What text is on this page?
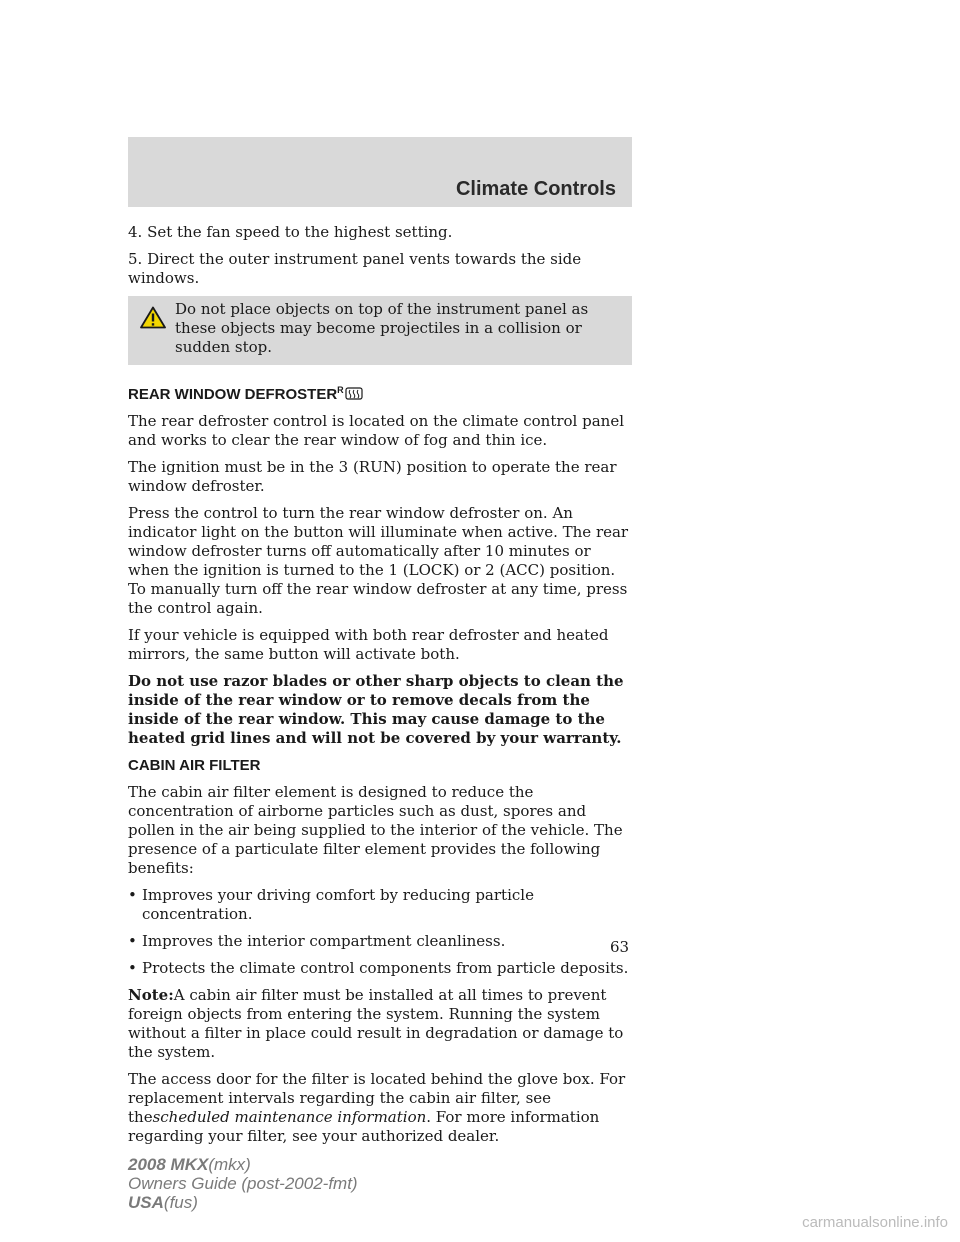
Climate Controls

4. Set the fan speed to the highest setting.

5. Direct the outer instrument panel vents towards the side windows.

Do not place objects on top of the instrument panel as these objects may become projectiles in a collision or sudden stop.
REAR WINDOW $DEFROSTER^R$

The rear defroster control is located on the climate control panel and works to clear the rear window of fog and thin ice.

The ignition must be in the 3 (RUN) position to operate the rear window defroster.

Press the control to turn the rear window defroster on. An indicator light on the button will illuminate when active. The rear window defroster turns off automatically after 10 minutes or when the ignition is turned to the 1 (LOCK) or 2 (ACC) position. To manually turn off the rear window defroster at any time, press the control again.

If your vehicle is equipped with both rear defroster and heated mirrors, the same button will activate both.

Do not use razor blades or other sharp objects to clean the inside of the rear window or to remove decals from the inside of the rear window. This may cause damage to the heated grid lines and will not be covered by your warranty.

CABIN AIR FILTER

The cabin air filter element is designed to reduce the concentration of airborne particles such as dust, spores and pollen in the air being supplied to the interior of the vehicle. The presence of a particulate filter element provides the following benefits:

• Improves your driving comfort by reducing particle concentration.

• Improves the interior compartment cleanliness.

• Protects the climate control components from particle deposits.

Note:A cabin air filter must be installed at all times to prevent foreign objects from entering the system. Running the system without a filter in place could result in degradation or damage to the system.

The access door for the filter is located behind the glove box. For replacement intervals regarding the cabin air filter, see thescheduled maintenance information. For more information regarding your filter, see your authorized dealer.

63
2008 MKX(mkx)
Owners Guide (post-2002-fmt)
USA(fus)
carmanualsonline.info
